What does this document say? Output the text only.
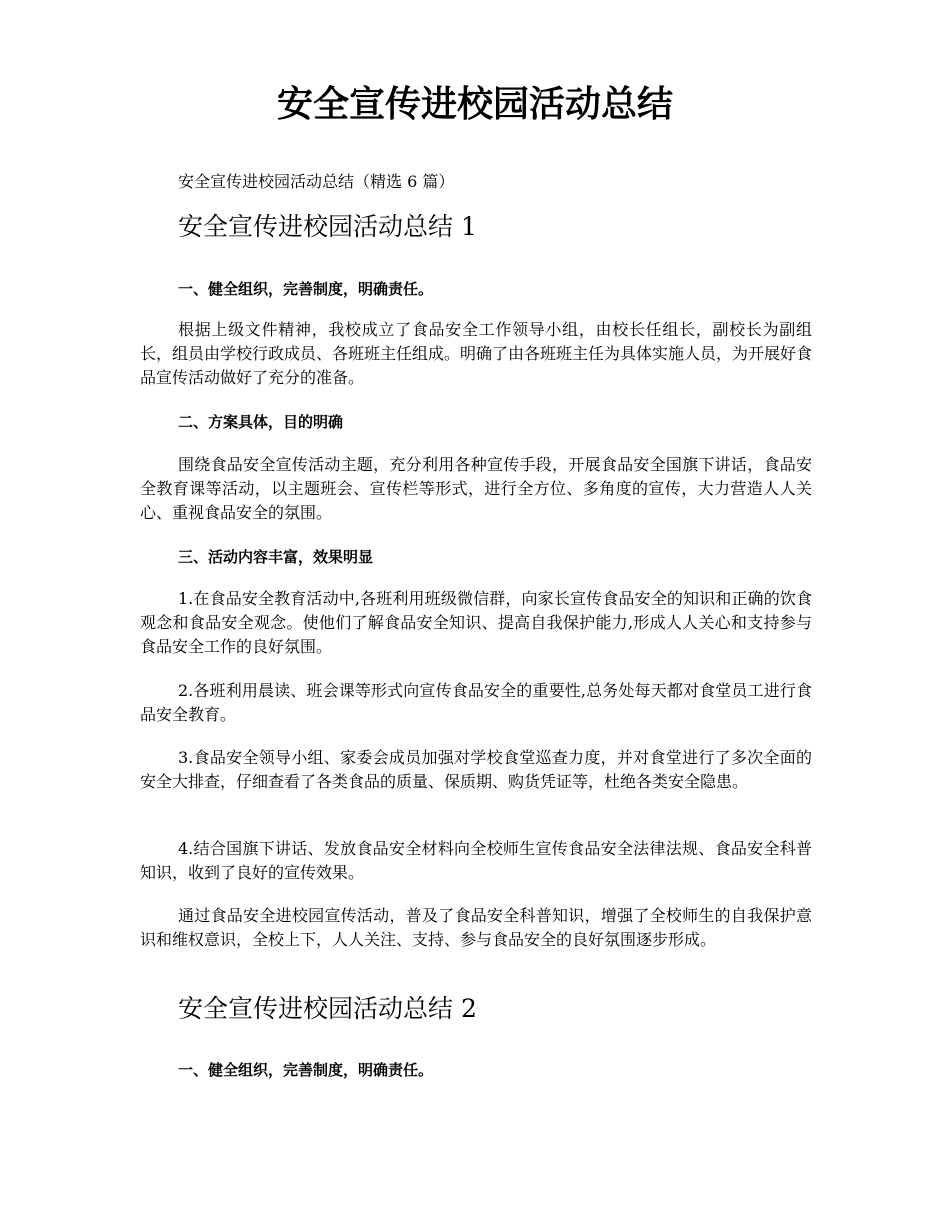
安全宣传进校园活动总结

安全宣传进校园活动总结（精选 6 篇）

安全宣传进校园活动总结 1

一、健全组织，完善制度，明确责任。

根据上级文件精神，我校成立了食品安全工作领导小组，由校长任组长，副校长为副组长，组员由学校行政成员、各班班主任组成。明确了由各班班主任为具体实施人员，为开展好食品宣传活动做好了充分的准备。

二、方案具体，目的明确

围绕食品安全宣传活动主题，充分利用各种宣传手段，开展食品安全国旗下讲话，食品安全教育课等活动，以主题班会、宣传栏等形式，进行全方位、多角度的宣传，大力营造人人关心、重视食品安全的氛围。

三、活动内容丰富，效果明显

1.在食品安全教育活动中,各班利用班级微信群，向家长宣传食品安全的知识和正确的饮食观念和食品安全观念。使他们了解食品安全知识、提高自我保护能力,形成人人关心和支持参与食品安全工作的良好氛围。

2.各班利用晨读、班会课等形式向宣传食品安全的重要性,总务处每天都对食堂员工进行食品安全教育。

3.食品安全领导小组、家委会成员加强对学校食堂巡查力度，并对食堂进行了多次全面的安全大排查，仔细查看了各类食品的质量、保质期、购货凭证等，杜绝各类安全隐患。

4.结合国旗下讲话、发放食品安全材料向全校师生宣传食品安全法律法规、食品安全科普知识，收到了良好的宣传效果。

通过食品安全进校园宣传活动，普及了食品安全科普知识，增强了全校师生的自我保护意识和维权意识，全校上下，人人关注、支持、参与食品安全的良好氛围逐步形成。

安全宣传进校园活动总结 2

一、健全组织，完善制度，明确责任。
